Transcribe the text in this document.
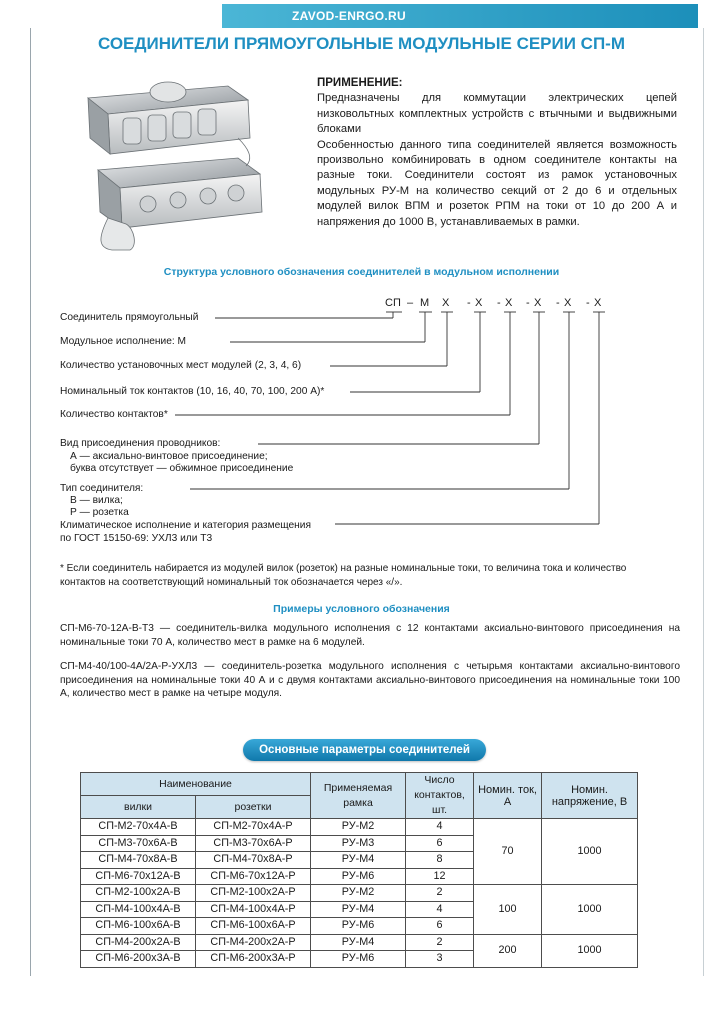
ZAVOD-ENRGO.RU
СОЕДИНИТЕЛИ ПРЯМОУГОЛЬНЫЕ МОДУЛЬНЫЕ СЕРИИ СП-М
ПРИМЕНЕНИЕ:

Предназначены для коммутации электрических цепей низковольтных комплектных устройств с втычными и выдвижными блоками

Особенностью данного типа соединителей является возможность произвольно комбинировать в одном соединителе контакты на разные токи. Соединители состоят из рамок установочных модульных РУ-М на количество секций от 2 до 6 и отдельных модулей вилок ВПМ и розеток РПМ на токи от 10 до 200 А и напряжения до 1000 В, устанавливаемых в рамки.

Структура условного обозначения соединителей в модульном исполнении
СП – М Х - Х - Х - Х - Х - Х
Соединитель прямоугольный
Модульное исполнение: М
Количество установочных мест модулей (2, 3, 4, 6)
Номинальный ток контактов (10, 16, 40, 70, 100, 200 А)*
Количество контактов*
Вид присоединения проводников:
А — аксиально-винтовое присоединение;
буква отсутствует — обжимное присоединение
Тип соединителя:
В — вилка;
Р — розетка
Климатическое исполнение и категория размещения
по ГОСТ 15150-69: УХЛ3 или Т3
* Если соединитель набирается из модулей вилок (розеток) на разные номинальные токи, то величина тока и количество контактов на соответствующий номинальный ток обозначается через «/».
Примеры условного обозначения
СП-М6-70-12А-В-Т3 — соединитель-вилка модульного исполнения с 12 контактами аксиально-винтового присоединения на номинальные токи 70 А, количество мест в рамке на 6 модулей.
СП-М4-40/100-4А/2А-Р-УХЛ3 — соединитель-розетка модульного исполнения с четырьмя контактами аксиально-винтового присоединения на номинальные токи 40 А и с двумя контактами аксиально-винтового присоединения на номинальные токи 100 А, количество мест в рамке на четыре модуля.
Основные параметры соединителей
Наименование		Применяемая рамка	Число контактов, шт.	Номин. ток, А	Номин. напряжение, В
вилки	розетки				
СП-М2-70х4А-В	СП-М2-70х4А-Р	РУ-М2	4	70	1000
СП-М3-70х6А-В	СП-М3-70х6А-Р	РУ-М3	6		
СП-М4-70х8А-В	СП-М4-70х8А-Р	РУ-М4	8		
СП-М6-70х12А-В	СП-М6-70х12А-Р	РУ-М6	12		
СП-М2-100х2А-В	СП-М2-100х2А-Р	РУ-М2	2	100	1000
СП-М4-100х4А-В	СП-М4-100х4А-Р	РУ-М4	4		
СП-М6-100х6А-В	СП-М6-100х6А-Р	РУ-М6	6		
СП-М4-200х2А-В	СП-М4-200х2А-Р	РУ-М4	2	200	1000
СП-М6-200х3А-В	СП-М6-200х3А-Р	РУ-М6	3		
